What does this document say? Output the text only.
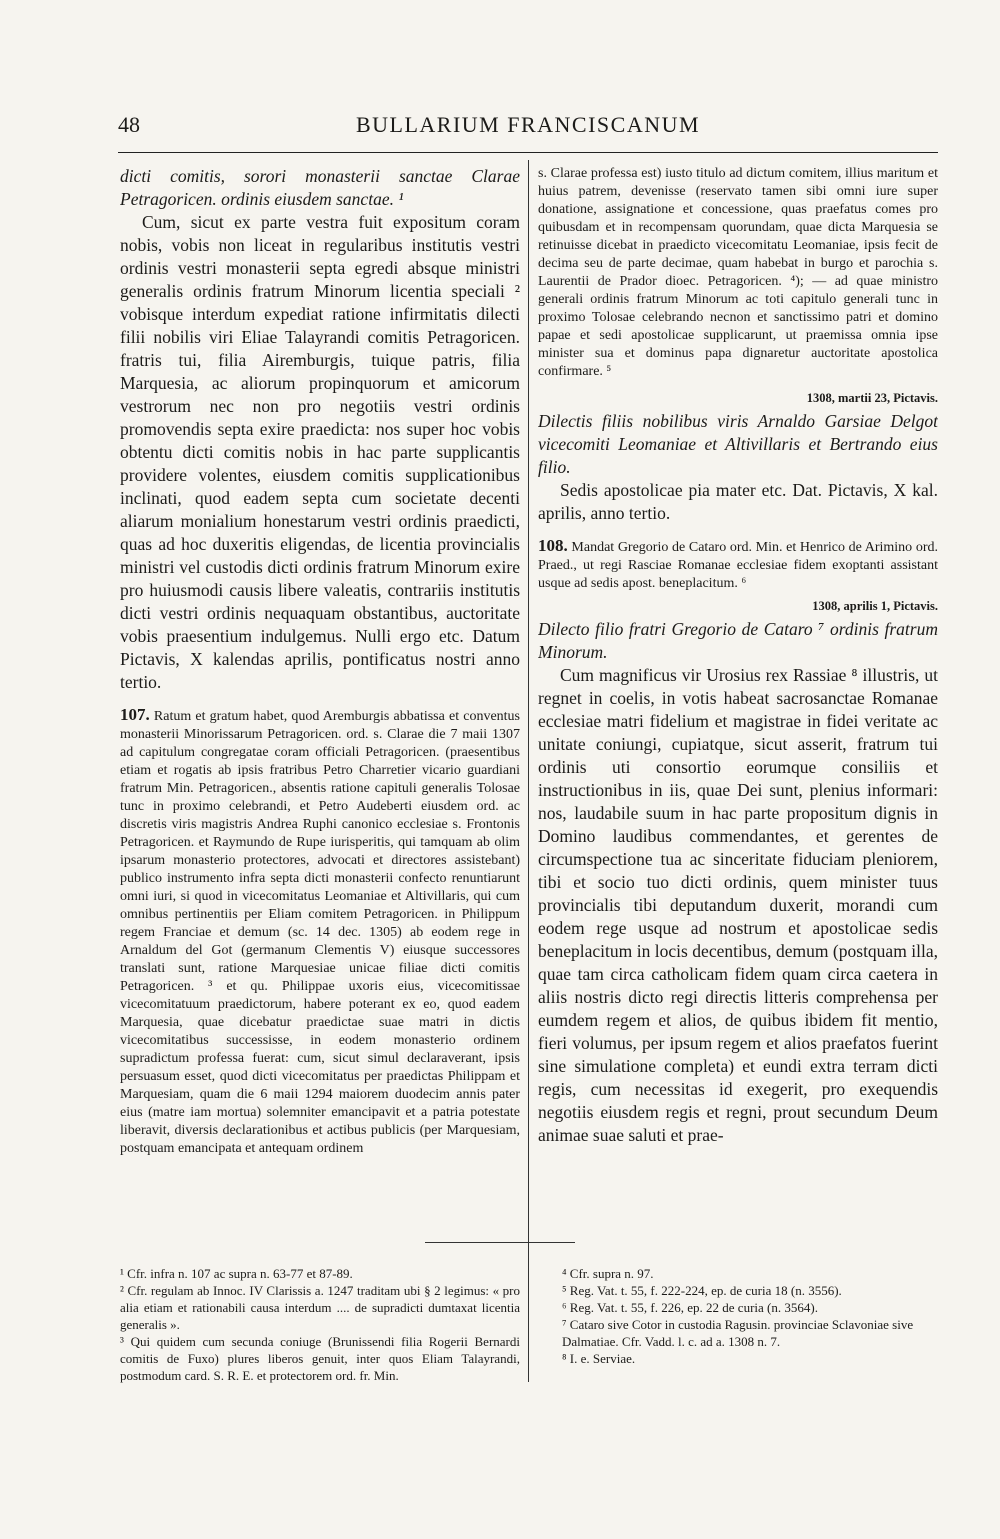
48	BULLARIUM FRANCISCANUM

dicti comitis, sorori monasterii sanctae Clarae Petragoricen. ordinis eiusdem sanctae. ¹

Cum, sicut ex parte vestra fuit expositum coram nobis, vobis non liceat in regularibus institutis vestri ordinis vestri monasterii septa egredi absque ministri generalis ordinis fratrum Minorum licentia speciali ² vobisque interdum expediat ratione infirmitatis dilecti filii nobilis viri Eliae Talayrandi comitis Petragoricen. fratris tui, filia Airemburgis, tuique patris, filia Marquesia, ac aliorum propinquorum et amicorum vestrorum nec non pro negotiis vestri ordinis promovendis septa exire praedicta: nos super hoc vobis obtentu dicti comitis nobis in hac parte supplicantis providere volentes, eiusdem comitis supplicationibus inclinati, quod eadem septa cum societate decenti aliarum monialium honestarum vestri ordinis praedicti, quas ad hoc duxeritis eligendas, de licentia provincialis ministri vel custodis dicti ordinis fratrum Minorum exire pro huiusmodi causis libere valeatis, contrariis institutis dicti vestri ordinis nequaquam obstantibus, auctoritate vobis praesentium indulgemus. Nulli ergo etc. Datum Pictavis, X kalendas aprilis, pontificatus nostri anno tertio.

107. Ratum et gratum habet, quod Aremburgis abbatissa et conventus monasterii Minorissarum Petragoricen. ord. s. Clarae die 7 maii 1307 ad capitulum congregatae coram officiali Petragoricen. (praesentibus etiam et rogatis ab ipsis fratribus Petro Charretier vicario guardiani fratrum Min. Petragoricen., absentis ratione capituli generalis Tolosae tunc in proximo celebrandi, et Petro Audeberti eiusdem ord. ac discretis viris magistris Andrea Ruphi canonico ecclesiae s. Frontonis Petragoricen. et Raymundo de Rupe iurisperitis, qui tamquam ab olim ipsarum monasterio protectores, advocati et directores assistebant) publico instrumento infra septa dicti monasterii confecto renuntiarunt omni iuri, si quod in vicecomitatus Leomaniae et Altivillaris, qui cum omnibus pertinentiis per Eliam comitem Petragoricen. in Philippum regem Franciae et demum (sc. 14 dec. 1305) ab eodem rege in Arnaldum del Got (germanum Clementis V) eiusque successores translati sunt, ratione Marquesiae unicae filiae dicti comitis Petragoricen. ³ et qu. Philippae uxoris eius, vicecomitissae vicecomitatuum praedictorum, habere poterant ex eo, quod eadem Marquesia, quae dicebatur praedictae suae matri in dictis vicecomitatibus successisse, in eodem monasterio ordinem supradictum professa fuerat: cum, sicut simul declaraverant, ipsis persuasum esset, quod dicti vicecomitatus per praedictas Philippam et Marquesiam, quam die 6 maii 1294 maiorem duodecim annis pater eius (matre iam mortua) solemniter emancipavit et a patria potestate liberavit, diversis declarationibus et actibus publicis (per Marquesiam, postquam emancipata et antequam ordinem

s. Clarae professa est) iusto titulo ad dictum comitem, illius maritum et huius patrem, devenisse (reservato tamen sibi omni iure super donatione, assignatione et concessione, quas praefatus comes pro quibusdam et in recompensam quorundam, quae dicta Marquesia se retinuisse dicebat in praedicto vicecomitatu Leomaniae, ipsis fecit de decima seu de parte decimae, quam habebat in burgo et parochia s. Laurentii de Prador dioec. Petragoricen. ⁴); — ad quae ministro generali ordinis fratrum Minorum ac toti capitulo generali tunc in proximo Tolosae celebrando necnon et sanctissimo patri et domino papae et sedi apostolicae supplicarunt, ut praemissa omnia ipse minister sua et dominus papa dignaretur auctoritate apostolica confirmare. ⁵

1308, martii 23, Pictavis.

Dilectis filiis nobilibus viris Arnaldo Garsiae Delgot vicecomiti Leomaniae et Altivillaris et Bertrando eius filio.

Sedis apostolicae pia mater etc. Dat. Pictavis, X kal. aprilis, anno tertio.

108. Mandat Gregorio de Cataro ord. Min. et Henrico de Arimino ord. Praed., ut regi Rasciae Romanae ecclesiae fidem exoptanti assistant usque ad sedis apost. beneplacitum. ⁶

1308, aprilis 1, Pictavis.

Dilecto filio fratri Gregorio de Cataro ⁷ ordinis fratrum Minorum.

Cum magnificus vir Urosius rex Rassiae ⁸ illustris, ut regnet in coelis, in votis habeat sacrosanctae Romanae ecclesiae matri fidelium et magistrae in fidei veritate ac unitate coniungi, cupiatque, sicut asserit, fratrum tui ordinis uti consortio eorumque consiliis et instructionibus in iis, quae Dei sunt, plenius informari: nos, laudabile suum in hac parte propositum dignis in Domino laudibus commendantes, et gerentes de circumspectione tua ac sinceritate fiduciam pleniorem, tibi et socio tuo dicti ordinis, quem minister tuus provincialis tibi deputandum duxerit, morandi cum eodem rege usque ad nostrum et apostolicae sedis beneplacitum in locis decentibus, demum (postquam illa, quae tam circa catholicam fidem quam circa caetera in aliis nostris dicto regi directis litteris comprehensa per eumdem regem et alios, de quibus ibidem fit mentio, fieri volumus, per ipsum regem et alios praefatos fuerint sine simulatione completa) et eundi extra terram dicti regis, cum necessitas id exegerit, pro exequendis negotiis eiusdem regis et regni, prout secundum Deum animae suae saluti et prae-

¹ Cfr. infra n. 107 ac supra n. 63-77 et 87-89.

² Cfr. regulam ab Innoc. IV Clarissis a. 1247 traditam ubi § 2 legimus: « pro alia etiam et rationabili causa interdum .... de supradicti dumtaxat licentia generalis ».

³ Qui quidem cum secunda coniuge (Brunissendi filia Rogerii Bernardi comitis de Fuxo) plures liberos genuit, inter quos Eliam Talayrandi, postmodum card. S. R. E. et protectorem ord. fr. Min.

⁴ Cfr. supra n. 97.

⁵ Reg. Vat. t. 55, f. 222-224, ep. de curia 18 (n. 3556).

⁶ Reg. Vat. t. 55, f. 226, ep. 22 de curia (n. 3564).

⁷ Cataro sive Cotor in custodia Ragusin. provinciae Sclavoniae sive Dalmatiae. Cfr. Vadd. l. c. ad a. 1308 n. 7.

⁸ I. e. Serviae.
